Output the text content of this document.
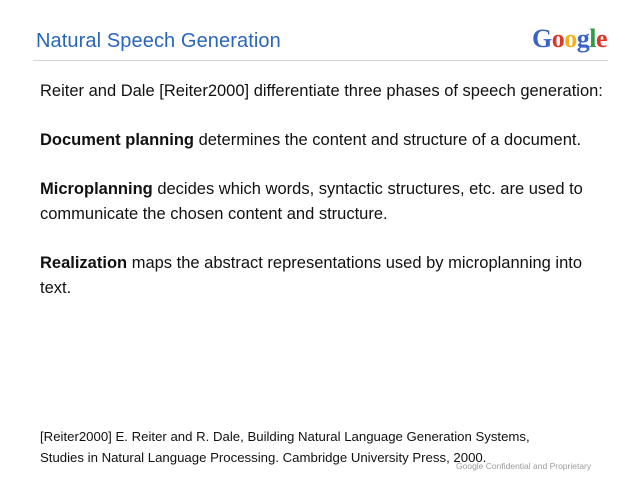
Natural Speech Generation	Google

Reiter and Dale [Reiter2000] differentiate three phases of speech generation:

Document planning determines the content and structure of a document.

Microplanning decides which words, syntactic structures, etc. are used to communicate the chosen content and structure.

Realization maps the abstract representations used by microplanning into text.

[Reiter2000] E. Reiter and R. Dale, Building Natural Language Generation Systems,
Studies in Natural Language Processing. Cambridge University Press, 2000.
Google Confidential and Proprietary
